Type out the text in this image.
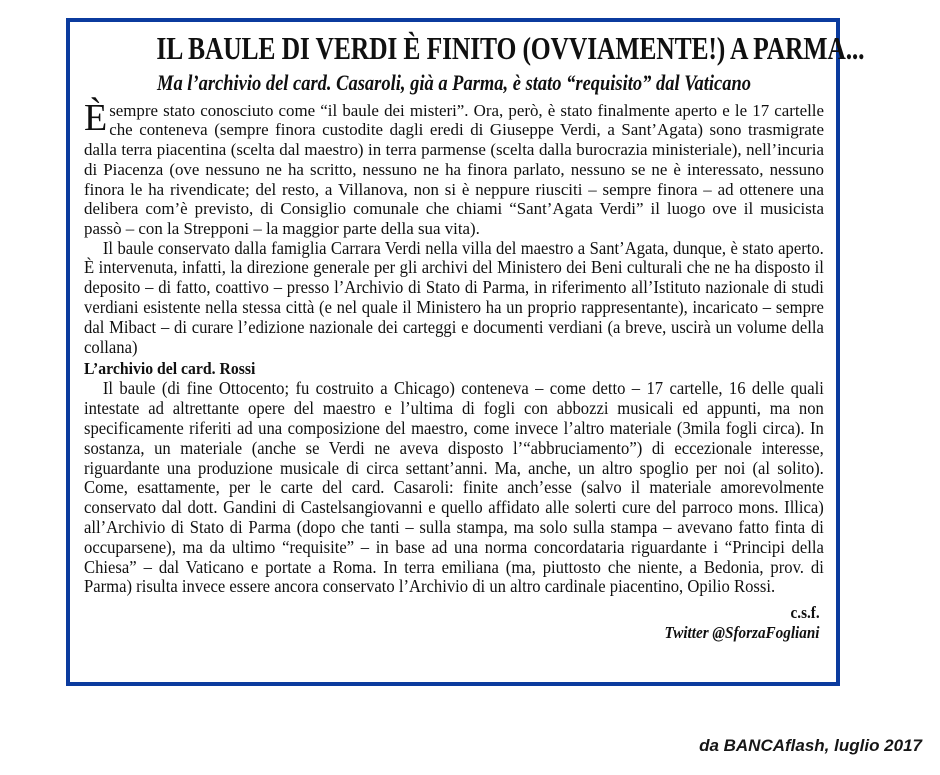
IL BAULE DI VERDI È FINITO (OVVIAMENTE!) A PARMA...
Ma l’archivio del card. Casaroli, già a Parma, è stato “requisito” dal Vaticano

Èsempre stato conosciuto come “il baule dei misteri”. Ora, però, è stato finalmente aperto e le 17 cartelle che conteneva (sempre finora custodite dagli eredi di Giuseppe Verdi, a Sant’Agata) sono trasmigrate dalla terra piacentina (scelta dal maestro) in terra parmense (scelta dalla burocrazia ministeriale), nell’incuria di Piacenza (ove nessuno ne ha scritto, nessuno ne ha finora parlato, nessuno se ne è interessato, nessuno finora le ha rivendicate; del resto, a Villanova, non si è neppure riusciti – sempre finora – ad ottenere una delibera com’è previsto, di Consiglio comunale che chiami “Sant’Agata Verdi” il luogo ove il musicista passò – con la Strepponi – la maggior parte della sua vita).

Il baule conservato dalla famiglia Carrara Verdi nella villa del maestro a Sant’Agata, dunque, è stato aperto. È intervenuta, infatti, la direzione generale per gli archivi del Ministero dei Beni culturali che ne ha disposto il deposito – di fatto, coattivo – presso l’Archivio di Stato di Parma, in riferimento all’Istituto nazionale di studi verdiani esistente nella stessa città (e nel quale il Ministero ha un proprio rappresentante), incaricato – sempre dal Mibact – di curare l’edizione nazionale dei carteggi e documenti verdiani (a breve, uscirà un volume della collana)

L’archivio del card. Rossi

Il baule (di fine Ottocento; fu costruito a Chicago) conteneva – come detto – 17 cartelle, 16 delle quali intestate ad altrettante opere del maestro e l’ultima di fogli con abbozzi musicali ed appunti, ma non specificamente riferiti ad una composizione del maestro, come invece l’altro materiale (3mila fogli circa). In sostanza, un materiale (anche se Verdi ne aveva disposto l’“abbruciamento”) di eccezionale interesse, riguardante una produzione musicale di circa settant’anni. Ma, anche, un altro spoglio per noi (al solito). Come, esattamente, per le carte del card. Casaroli: finite anch’esse (salvo il materiale amorevolmente conservato dal dott. Gandini di Castelsangiovanni e quello affidato alle solerti cure del parroco mons. Illica) all’Archivio di Stato di Parma (dopo che tanti – sulla stampa, ma solo sulla stampa – avevano fatto finta di occuparsene), ma da ultimo “requisite” – in base ad una norma concordataria riguardante i “Principi della Chiesa” – dal Vaticano e portate a Roma. In terra emiliana (ma, piuttosto che niente, a Bedonia, prov. di Parma) risulta invece essere ancora conservato l’Archivio di un altro cardinale piacentino, Opilio Rossi.

c.s.f.
Twitter @SforzaFogliani
da BANCAflash, luglio 2017
